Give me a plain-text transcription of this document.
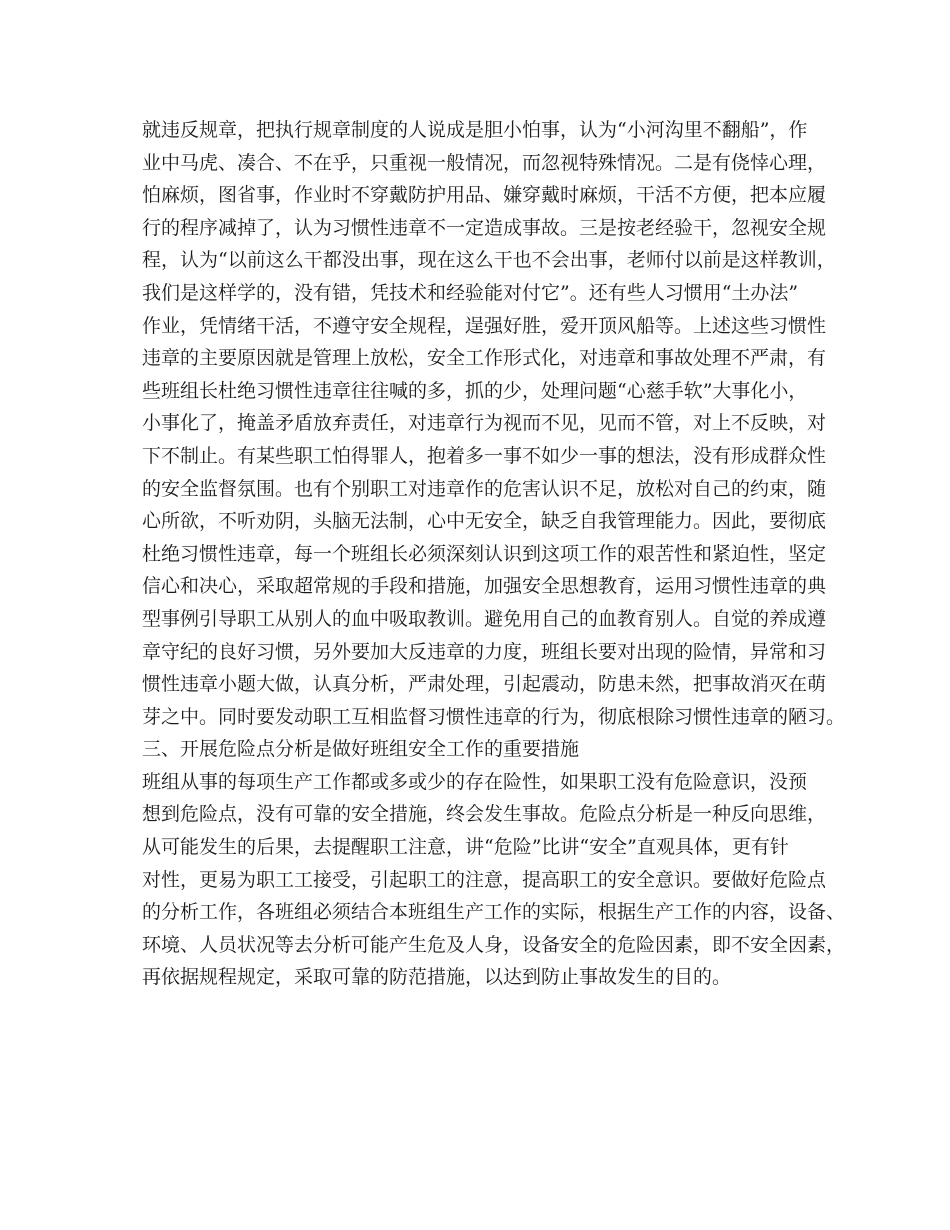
就违反规章，把执行规章制度的人说成是胆小怕事，认为“小河沟里不翻船”，作
业中马虎、凑合、不在乎，只重视一般情况，而忽视特殊情况。二是有侥悻心理，
怕麻烦，图省事，作业时不穿戴防护用品、嫌穿戴时麻烦，干活不方便，把本应履
行的程序减掉了，认为习惯性违章不一定造成事故。三是按老经验干，忽视安全规
程，认为“以前这么干都没出事，现在这么干也不会出事，老师付以前是这样教训，
我们是这样学的，没有错，凭技术和经验能对付它”。还有些人习惯用“土办法”
作业，凭情绪干活，不遵守安全规程，逞强好胜，爱开顶风船等。上述这些习惯性
违章的主要原因就是管理上放松，安全工作形式化，对违章和事故处理不严肃，有
些班组长杜绝习惯性违章往往喊的多，抓的少，处理问题“心慈手软”大事化小，
小事化了，掩盖矛盾放弃责任，对违章行为视而不见，见而不管，对上不反映，对
下不制止。有某些职工怕得罪人，抱着多一事不如少一事的想法，没有形成群众性
的安全监督氛围。也有个别职工对违章作的危害认识不足，放松对自己的约束，随
心所欲，不听劝阴，头脑无法制，心中无安全，缺乏自我管理能力。因此，要彻底
杜绝习惯性违章，每一个班组长必须深刻认识到这项工作的艰苦性和紧迫性，坚定
信心和决心，采取超常规的手段和措施，加强安全思想教育，运用习惯性违章的典
型事例引导职工从别人的血中吸取教训。避免用自己的血教育别人。自觉的养成遵
章守纪的良好习惯，另外要加大反违章的力度，班组长要对出现的险情，异常和习
惯性违章小题大做，认真分析，严肃处理，引起震动，防患未然，把事故消灭在萌
芽之中。同时要发动职工互相监督习惯性违章的行为，彻底根除习惯性违章的陋习。
三、开展危险点分析是做好班组安全工作的重要措施
班组从事的每项生产工作都或多或少的存在险性，如果职工没有危险意识，没预
想到危险点，没有可靠的安全措施，终会发生事故。危险点分析是一种反向思维，
从可能发生的后果，去提醒职工注意，讲“危险”比讲“安全”直观具体，更有针
对性，更易为职工工接受，引起职工的注意，提高职工的安全意识。要做好危险点
的分析工作，各班组必须结合本班组生产工作的实际，根据生产工作的内容，设备、
环境、人员状况等去分析可能产生危及人身，设备安全的危险因素，即不安全因素，
再依据规程规定，采取可靠的防范措施，以达到防止事故发生的目的。
